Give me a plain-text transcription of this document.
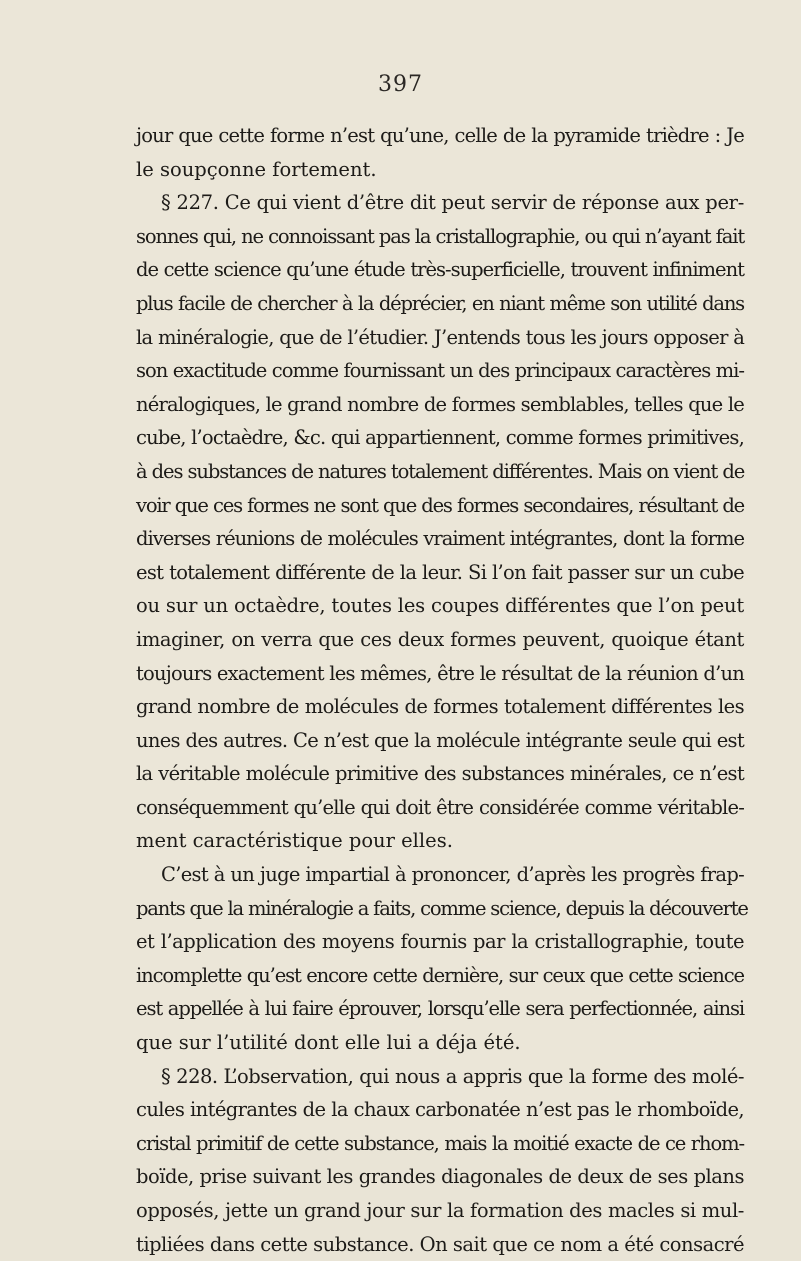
397
jour que cette forme n’est qu’une, celle de la pyramide trièdre : Je
le soupçonne fortement.
§ 227. Ce qui vient d’être dit peut servir de réponse aux per-
sonnes qui, ne connoissant pas la cristallographie, ou qui n’ayant fait
de cette science qu’une étude très-superficielle, trouvent infiniment
plus facile de chercher à la déprécier, en niant même son utilité dans
la minéralogie, que de l’étudier. J’entends tous les jours opposer à
son exactitude comme fournissant un des principaux caractères mi-
néralogiques, le grand nombre de formes semblables, telles que le
cube, l’octaèdre, &c. qui appartiennent, comme formes primitives,
à des substances de natures totalement différentes. Mais on vient de
voir que ces formes ne sont que des formes secondaires, résultant de
diverses réunions de molécules vraiment intégrantes, dont la forme
est totalement différente de la leur. Si l’on fait passer sur un cube
ou sur un octaèdre, toutes les coupes différentes que l’on peut
imaginer, on verra que ces deux formes peuvent, quoique étant
toujours exactement les mêmes, être le résultat de la réunion d’un
grand nombre de molécules de formes totalement différentes les
unes des autres. Ce n’est que la molécule intégrante seule qui est
la véritable molécule primitive des substances minérales, ce n’est
conséquemment qu’elle qui doit être considérée comme véritable-
ment caractéristique pour elles.
C’est à un juge impartial à prononcer, d’après les progrès frap-
pants que la minéralogie a faits, comme science, depuis la découverte
et l’application des moyens fournis par la cristallographie, toute
incomplette qu’est encore cette dernière, sur ceux que cette science
est appellée à lui faire éprouver, lorsqu’elle sera perfectionnée, ainsi
que sur l’utilité dont elle lui a déja été.
§ 228. L’observation, qui nous a appris que la forme des molé-
cules intégrantes de la chaux carbonatée n’est pas le rhomboïde,
cristal primitif de cette substance, mais la moitié exacte de ce rhom-
boïde, prise suivant les grandes diagonales de deux de ses plans
opposés, jette un grand jour sur la formation des macles si mul-
tipliées dans cette substance. On sait que ce nom a été consacré
